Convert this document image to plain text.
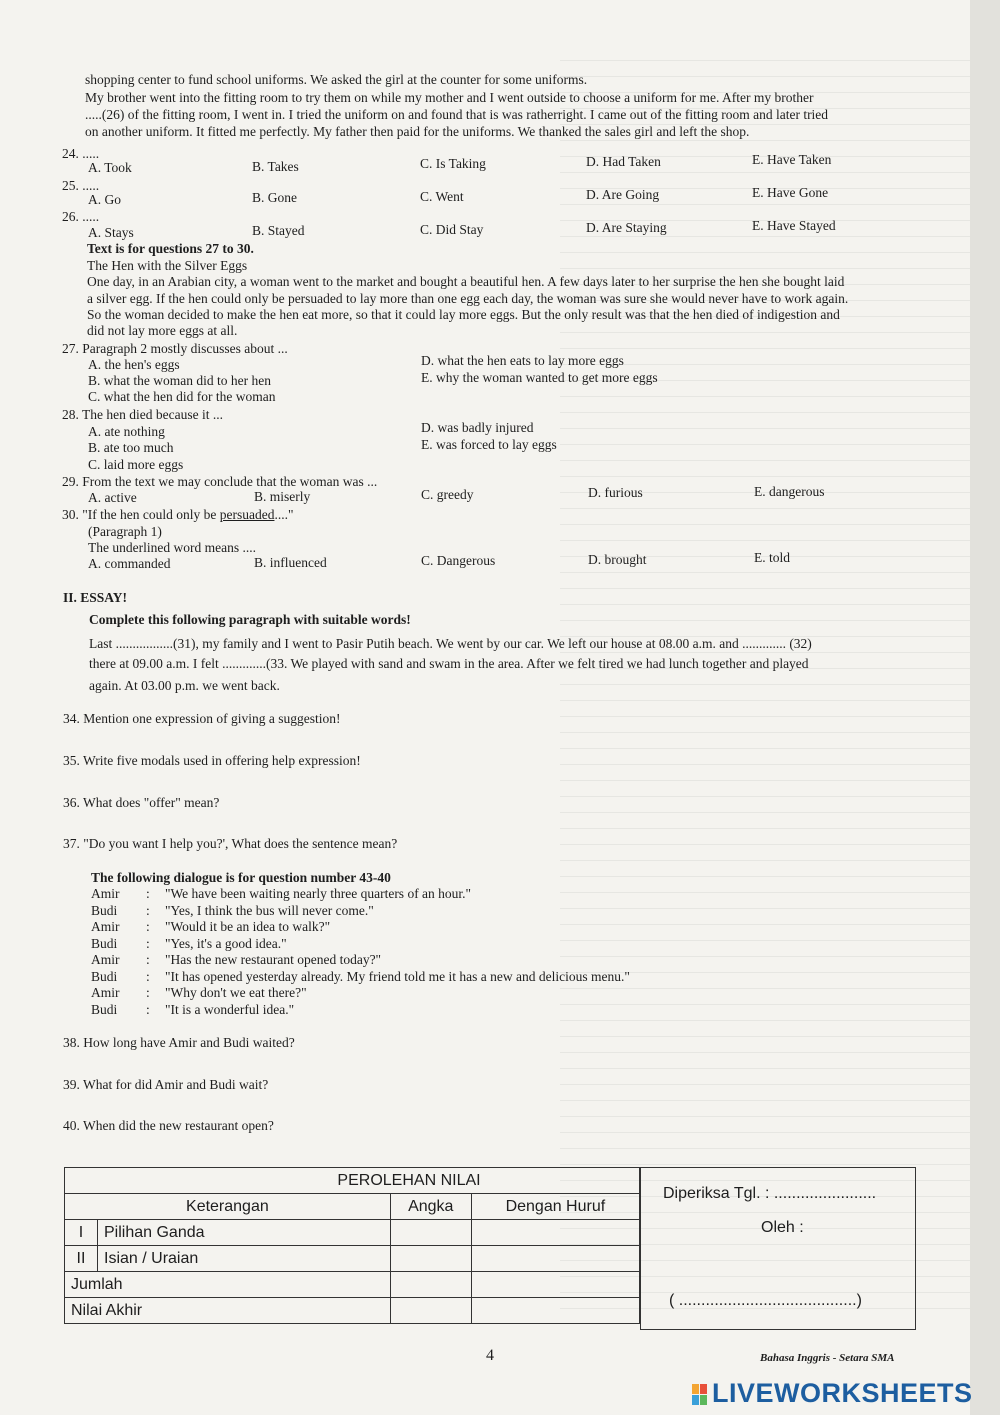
shopping center to fund school uniforms. We asked the girl at the counter for some uniforms.
My brother went into the fitting room to try them on while my mother and I went outside to choose a uniform for me. After my brother
.....(26) of the fitting room, I went in. I tried the uniform on and found that is was ratherright. I came out of the fitting room and later tried
on another uniform. It fitted me perfectly. My father then paid for the uniforms. We thanked the sales girl and left the shop.
24. .....
A. Took	B. Takes	C. Is Taking	D. Had Taken	E. Have Taken
25. .....
A. Go	B. Gone	C. Went	D. Are Going	E. Have Gone
26. .....
A. Stays	B. Stayed	C. Did Stay	D. Are Staying	E. Have Stayed
Text is for questions 27 to 30.
The Hen with the Silver Eggs
One day, in an Arabian city, a woman went to the market and bought a beautiful hen. A few days later to her surprise the hen she bought laid
a silver egg. If the hen could only be persuaded to lay more than one egg each day, the woman was sure she would never have to work again.
So the woman decided to make the hen eat more, so that it could lay more eggs. But the only result was that the hen died of indigestion and
did not lay more eggs at all.
27. Paragraph 2 mostly discusses about ...
A. the hen's eggs
B. what the woman did to her hen
C. what the hen did for the woman
D. what the hen eats to lay more eggs
E. why the woman wanted to get more eggs
28. The hen died because it ...
A. ate nothing
B. ate too much
C. laid more eggs
D. was badly injured
E. was forced to lay eggs
29. From the text we may conclude that the woman was ...
A. active	B. miserly	C. greedy	D. furious	E. dangerous
30. "If the hen could only be persuaded...."
(Paragraph 1)
The underlined word means ....
A. commanded	B. influenced	C. Dangerous	D. brought	E. told
II. ESSAY!
Complete this following paragraph with suitable words!
Last .................(31), my family and I went to Pasir Putih beach. We went by our car. We left our house at 08.00 a.m. and ............. (32)
there at 09.00 a.m. I felt .............(33. We played with sand and swam in the area. After we felt tired we had lunch together and played
again. At 03.00 p.m. we went back.
34. Mention one expression of giving a suggestion!
35. Write five modals used in offering help expression!
36. What does "offer" mean?
37. "Do you want I help you?', What does the sentence mean?
The following dialogue is for question number 43-40
Amir : "We have been waiting nearly three quarters of an hour."
Budi : "Yes, I think the bus will never come."
Amir : "Would it be an idea to walk?"
Budi : "Yes, it's a good idea."
Amir : "Has the new restaurant opened today?"
Budi : "It has opened yesterday already. My friend told me it has a new and delicious menu."
Amir : "Why don't we eat there?"
Budi : "It is a wonderful idea."
38. How long have Amir and Budi waited?
39. What for did Amir and Budi wait?
40. When did the new restaurant open?
PEROLEHAN NILAI			
Keterangan		Angka	Dengan Huruf
I	Pilihan Ganda		
II	Isian / Uraian		
Jumlah			
Nilai Akhir			
Diperiksa Tgl. : .......................
Oleh :
( ........................................)
4	Bahasa Inggris - Setara SMA
LIVEWORKSHEETS
